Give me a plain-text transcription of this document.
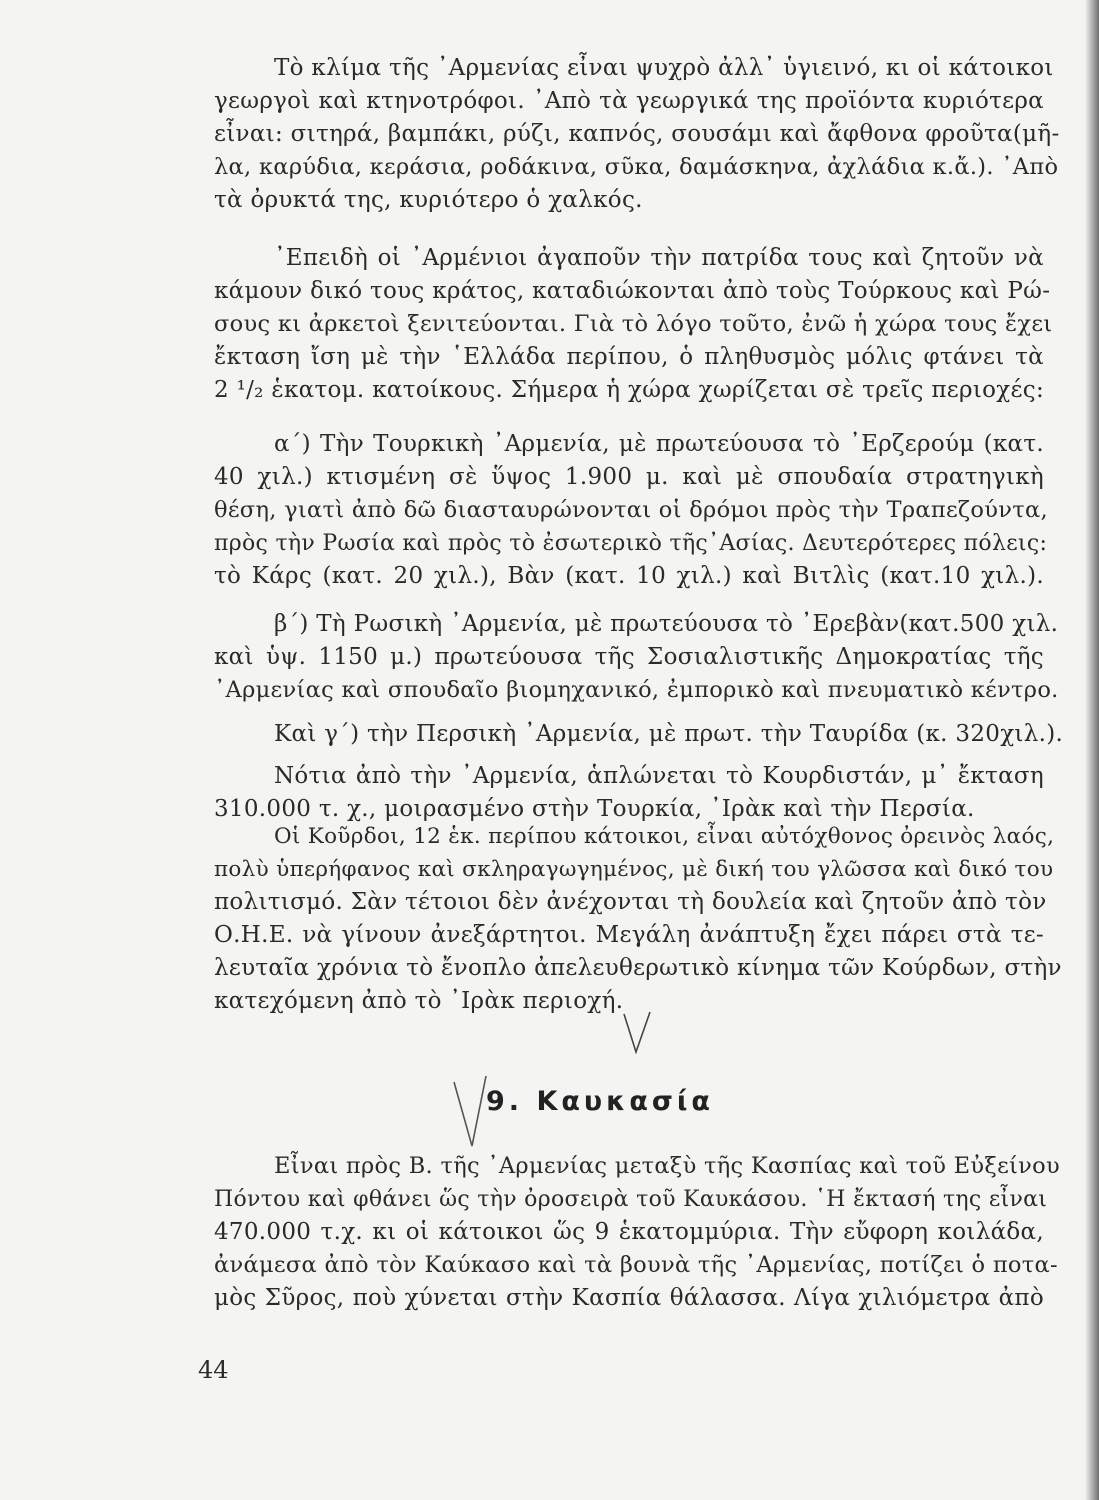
Τὸ κλίμα τῆς ᾿Αρμενίας εἶναι ψυχρὸ ἀλλ᾿ ὑγιεινό, κι οἱ κάτοικοι
γεωργοὶ καὶ κτηνοτρόφοι. ᾿Απὸ τὰ γεωργικά της προϊόντα κυριότερα
εἶναι: σιτηρά, βαμπάκι, ρύζι, καπνός, σουσάμι καὶ ἄφθονα φροῦτα(μῆ-
λα, καρύδια, κεράσια, ροδάκινα, σῦκα, δαμάσκηνα, ἀχλάδια κ.ἄ.). ᾿Απὸ
τὰ ὀρυκτά της, κυριότερο ὁ χαλκός.
᾿Επειδὴ οἱ ᾿Αρμένιοι ἀγαποῦν τὴν πατρίδα τους καὶ ζητοῦν νὰ
κάμουν δικό τους κράτος, καταδιώκονται ἀπὸ τοὺς Τούρκους καὶ Ρώ-
σους κι ἀρκετοὶ ξενιτεύονται. Γιὰ τὸ λόγο τοῦτο, ἐνῶ ἡ χώρα τους ἔχει
ἔκταση ἴση μὲ τὴν ῾Ελλάδα περίπου, ὁ πληθυσμὸς μόλις φτάνει τὰ
2 ¹/₂ ἑκατομ. κατοίκους. Σήμερα ἡ χώρα χωρίζεται σὲ τρεῖς περιοχές:
α΄) Τὴν Τουρκικὴ ᾿Αρμενία, μὲ πρωτεύουσα τὸ ᾿Ερζερούμ (κατ.
40 χιλ.) κτισμένη σὲ ὕψος 1.900 μ. καὶ μὲ σπουδαία στρατηγικὴ
θέση, γιατὶ ἀπὸ δῶ διασταυρώνονται οἱ δρόμοι πρὸς τὴν Τραπεζούντα,
πρὸς τὴν Ρωσία καὶ πρὸς τὸ ἐσωτερικὸ τῆς᾿Ασίας. Δευτερότερες πόλεις:
τὸ Κάρς (κατ. 20 χιλ.), Βὰν (κατ. 10 χιλ.) καὶ Βιτλὶς (κατ.10 χιλ.).
β΄) Τὴ Ρωσικὴ ᾿Αρμενία, μὲ πρωτεύουσα τὸ ᾿Ερεβὰν(κατ.500 χιλ.
καὶ ὑψ. 1150 μ.) πρωτεύουσα τῆς Σοσιαλιστικῆς Δημοκρατίας τῆς
᾿Αρμενίας καὶ σπουδαῖο βιομηχανικό, ἐμπορικὸ καὶ πνευματικὸ κέντρο.
Καὶ γ΄) τὴν Περσικὴ ᾿Αρμενία, μὲ πρωτ. τὴν Ταυρίδα (κ. 320χιλ.).
Νότια ἀπὸ τὴν ᾿Αρμενία, ἁπλώνεται τὸ Κουρδιστάν, μ᾿ ἔκταση
310.000 τ. χ., μοιρασμένο στὴν Τουρκία, ᾿Ιρὰκ καὶ τὴν Περσία.
Οἱ Κοῦρδοι, 12 ἑκ. περίπου κάτοικοι, εἶναι αὐτόχθονος ὀρεινὸς λαός,
πολὺ ὑπερήφανος καὶ σκληραγωγημένος, μὲ δική του γλῶσσα καὶ δικό του
πολιτισμό. Σὰν τέτοιοι δὲν ἀνέχονται τὴ δουλεία καὶ ζητοῦν ἀπὸ τὸν
Ο.Η.Ε. νὰ γίνουν ἀνεξάρτητοι. Μεγάλη ἀνάπτυξη ἔχει πάρει στὰ τε-
λευταῖα χρόνια τὸ ἔνοπλο ἀπελευθερωτικὸ κίνημα τῶν Κούρδων, στὴν
κατεχόμενη ἀπὸ τὸ ᾿Ιρὰκ περιοχή.
9. Καυκασία
Εἶναι πρὸς Β. τῆς ᾿Αρμενίας μεταξὺ τῆς Κασπίας καὶ τοῦ Εὐξείνου
Πόντου καὶ φθάνει ὥς τὴν ὀροσειρὰ τοῦ Καυκάσου. ῾Η ἔκτασή της εἶναι
470.000 τ.χ. κι οἱ κάτοικοι ὥς 9 ἑκατομμύρια. Τὴν εὔφορη κοιλάδα,
ἀνάμεσα ἀπὸ τὸν Καύκασο καὶ τὰ βουνὰ τῆς ᾿Αρμενίας, ποτίζει ὁ ποτα-
μὸς Σῦρος, ποὺ χύνεται στὴν Κασπία θάλασσα. Λίγα χιλιόμετρα ἀπὸ
44
